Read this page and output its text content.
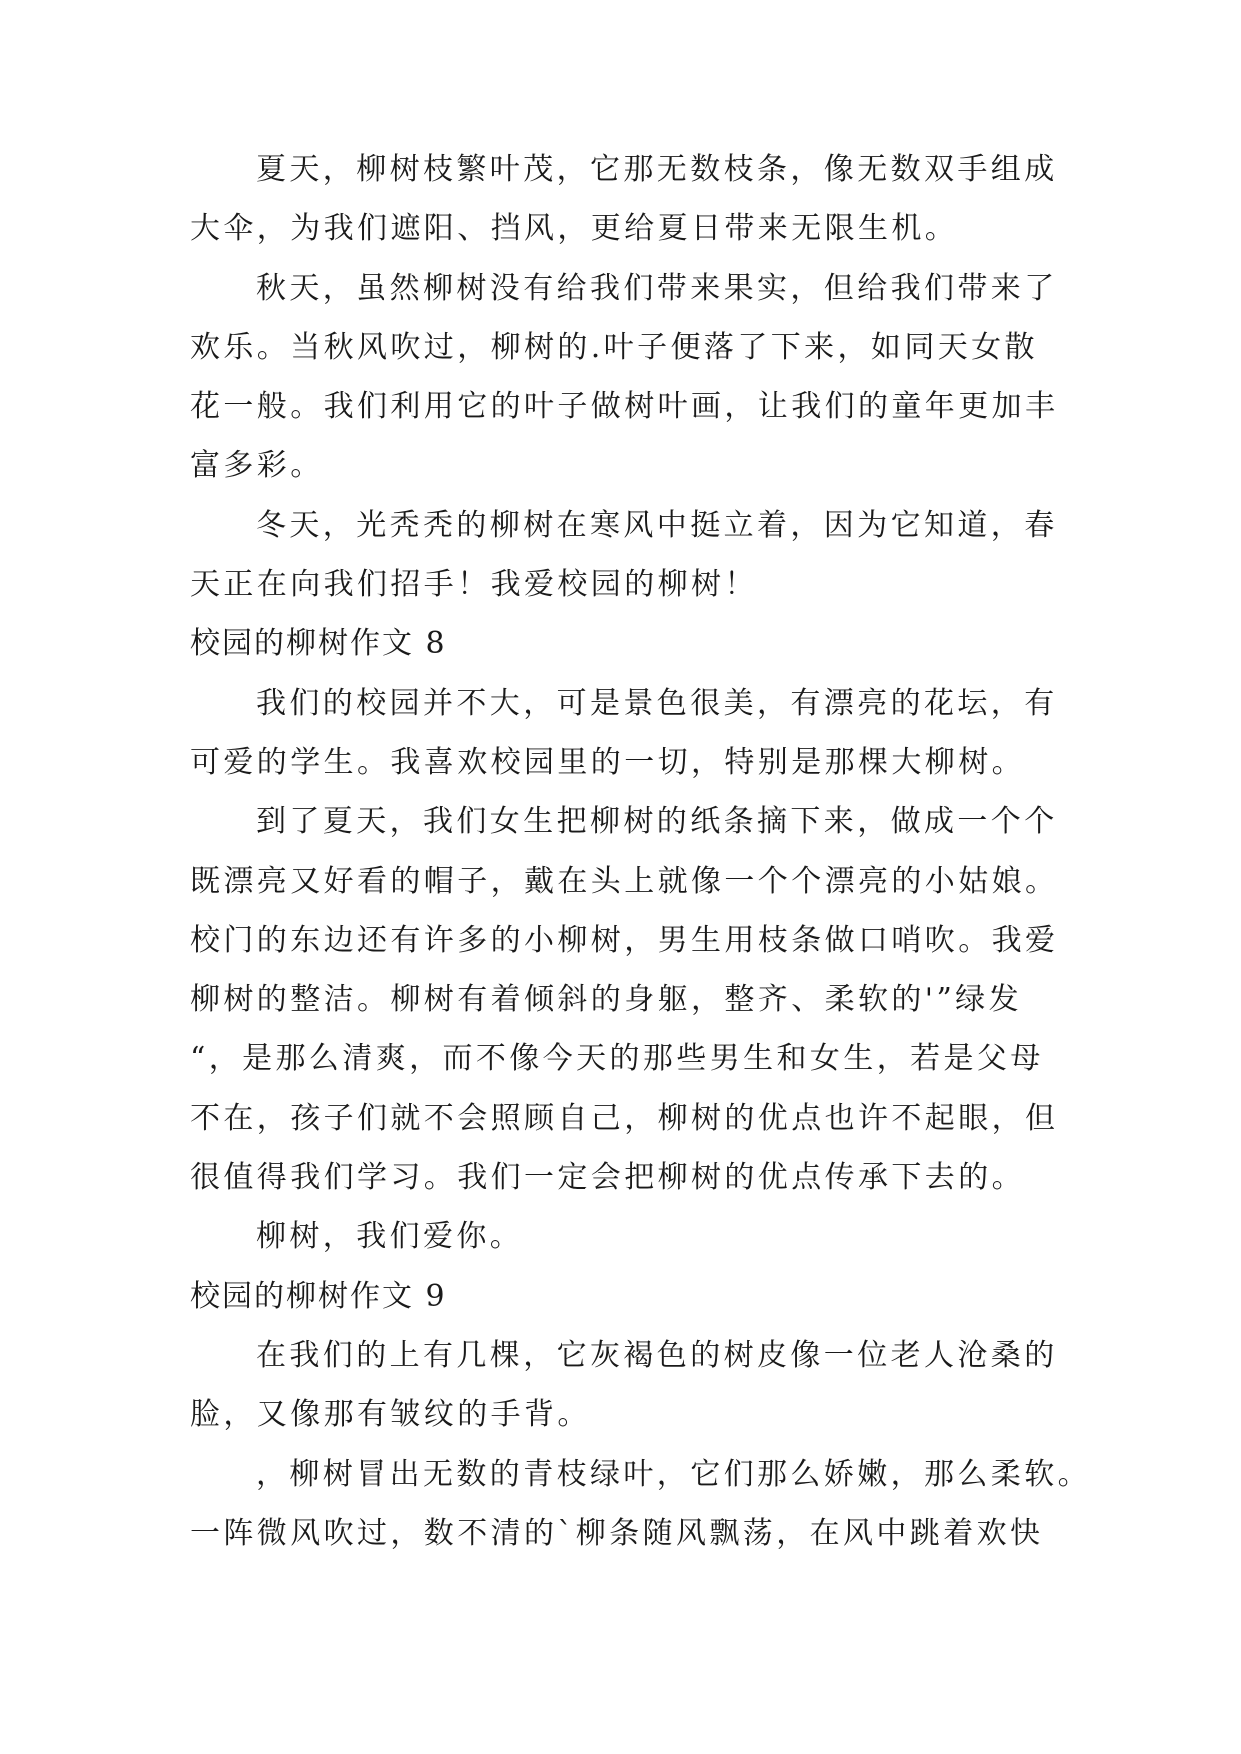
夏天，柳树枝繁叶茂，它那无数枝条，像无数双手组成
大伞，为我们遮阳、挡风，更给夏日带来无限生机。
秋天，虽然柳树没有给我们带来果实，但给我们带来了
欢乐。当秋风吹过，柳树的.叶子便落了下来，如同天女散
花一般。我们利用它的叶子做树叶画，让我们的童年更加丰
富多彩。
冬天，光秃秃的柳树在寒风中挺立着，因为它知道，春
天正在向我们招手！我爱校园的柳树！
校园的柳树作文 8
我们的校园并不大，可是景色很美，有漂亮的花坛，有
可爱的学生。我喜欢校园里的一切，特别是那棵大柳树。
到了夏天，我们女生把柳树的纸条摘下来，做成一个个
既漂亮又好看的帽子，戴在头上就像一个个漂亮的小姑娘。
校门的东边还有许多的小柳树，男生用枝条做口哨吹。我爱
柳树的整洁。柳树有着倾斜的身躯，整齐、柔软的'”绿发
“，是那么清爽，而不像今天的那些男生和女生，若是父母
不在，孩子们就不会照顾自己，柳树的优点也许不起眼，但
很值得我们学习。我们一定会把柳树的优点传承下去的。
柳树，我们爱你。
校园的柳树作文 9
在我们的上有几棵，它灰褐色的树皮像一位老人沧桑的
脸，又像那有皱纹的手背。
，柳树冒出无数的青枝绿叶，它们那么娇嫩，那么柔软。
一阵微风吹过，数不清的`柳条随风飘荡，在风中跳着欢快
